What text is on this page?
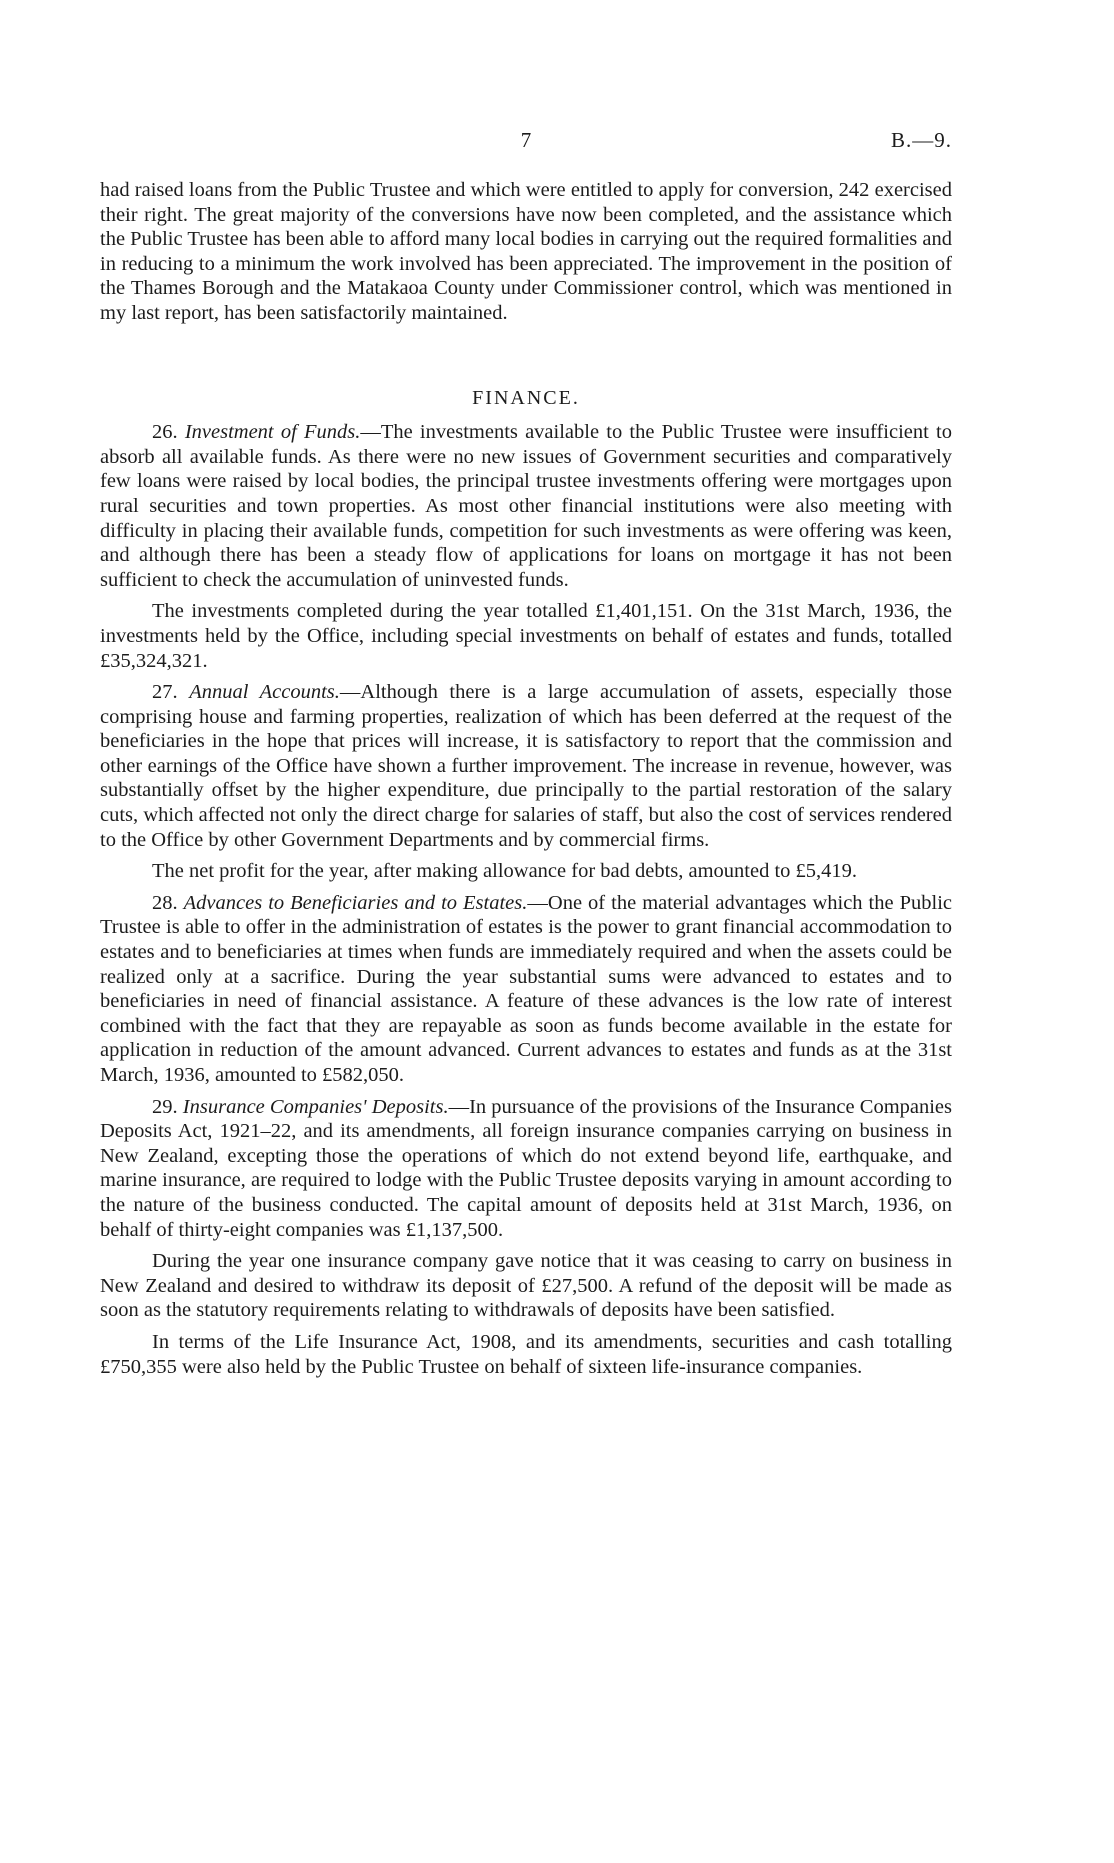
7	B.—9.

had raised loans from the Public Trustee and which were entitled to apply for conversion, 242 exercised their right. The great majority of the conversions have now been completed, and the assistance which the Public Trustee has been able to afford many local bodies in carrying out the required formalities and in reducing to a minimum the work involved has been appreciated. The improvement in the position of the Thames Borough and the Matakaoa County under Commissioner control, which was mentioned in my last report, has been satisfactorily maintained.

FINANCE.

26. Investment of Funds.—The investments available to the Public Trustee were insufficient to absorb all available funds. As there were no new issues of Government securities and comparatively few loans were raised by local bodies, the principal trustee investments offering were mortgages upon rural securities and town properties. As most other financial institutions were also meeting with difficulty in placing their available funds, competition for such investments as were offering was keen, and although there has been a steady flow of applications for loans on mortgage it has not been sufficient to check the accumulation of uninvested funds.

The investments completed during the year totalled £1,401,151. On the 31st March, 1936, the investments held by the Office, including special investments on behalf of estates and funds, totalled £35,324,321.

27. Annual Accounts.—Although there is a large accumulation of assets, especially those comprising house and farming properties, realization of which has been deferred at the request of the beneficiaries in the hope that prices will increase, it is satisfactory to report that the commission and other earnings of the Office have shown a further improvement. The increase in revenue, however, was substantially offset by the higher expenditure, due principally to the partial restoration of the salary cuts, which affected not only the direct charge for salaries of staff, but also the cost of services rendered to the Office by other Government Departments and by commercial firms.

The net profit for the year, after making allowance for bad debts, amounted to £5,419.

28. Advances to Beneficiaries and to Estates.—One of the material advantages which the Public Trustee is able to offer in the administration of estates is the power to grant financial accommodation to estates and to beneficiaries at times when funds are immediately required and when the assets could be realized only at a sacrifice. During the year substantial sums were advanced to estates and to beneficiaries in need of financial assistance. A feature of these advances is the low rate of interest combined with the fact that they are repayable as soon as funds become available in the estate for application in reduction of the amount advanced. Current advances to estates and funds as at the 31st March, 1936, amounted to £582,050.

29. Insurance Companies' Deposits.—In pursuance of the provisions of the Insurance Companies Deposits Act, 1921–22, and its amendments, all foreign insurance companies carrying on business in New Zealand, excepting those the operations of which do not extend beyond life, earthquake, and marine insurance, are required to lodge with the Public Trustee deposits varying in amount according to the nature of the business conducted. The capital amount of deposits held at 31st March, 1936, on behalf of thirty-eight companies was £1,137,500.

During the year one insurance company gave notice that it was ceasing to carry on business in New Zealand and desired to withdraw its deposit of £27,500. A refund of the deposit will be made as soon as the statutory requirements relating to withdrawals of deposits have been satisfied.

In terms of the Life Insurance Act, 1908, and its amendments, securities and cash totalling £750,355 were also held by the Public Trustee on behalf of sixteen life-insurance companies.
